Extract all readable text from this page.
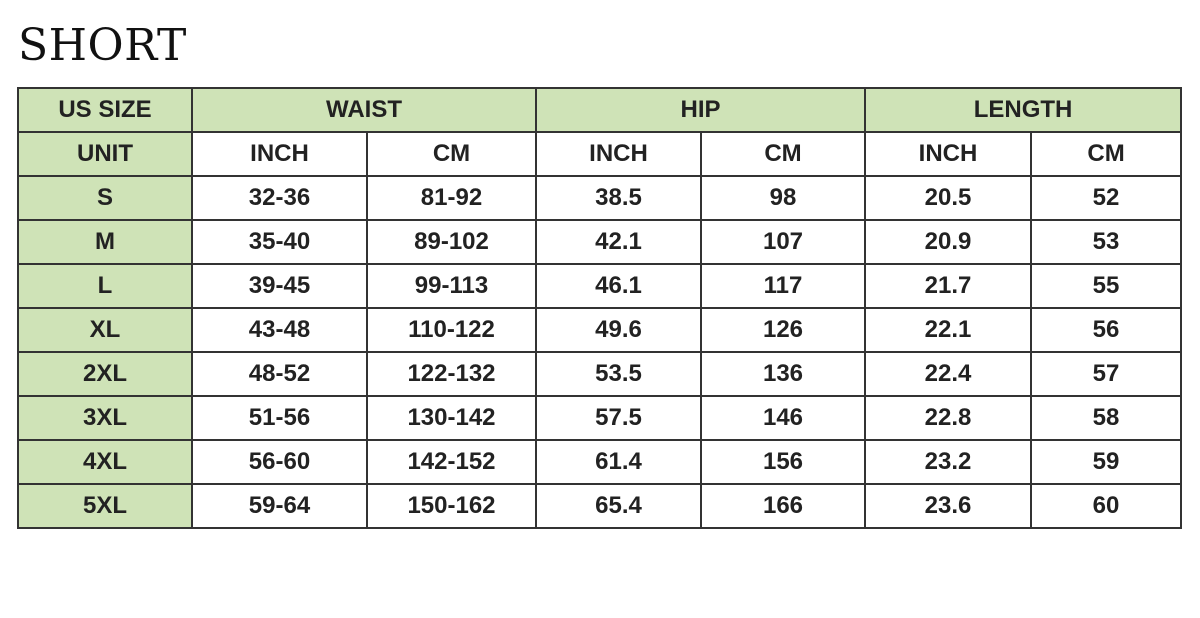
SHORT
US SIZE	WAIST		HIP		LENGTH	
UNIT	INCH	CM	INCH	CM	INCH	CM
S	32-36	81-92	38.5	98	20.5	52
M	35-40	89-102	42.1	107	20.9	53
L	39-45	99-113	46.1	117	21.7	55
XL	43-48	110-122	49.6	126	22.1	56
2XL	48-52	122-132	53.5	136	22.4	57
3XL	51-56	130-142	57.5	146	22.8	58
4XL	56-60	142-152	61.4	156	23.2	59
5XL	59-64	150-162	65.4	166	23.6	60
